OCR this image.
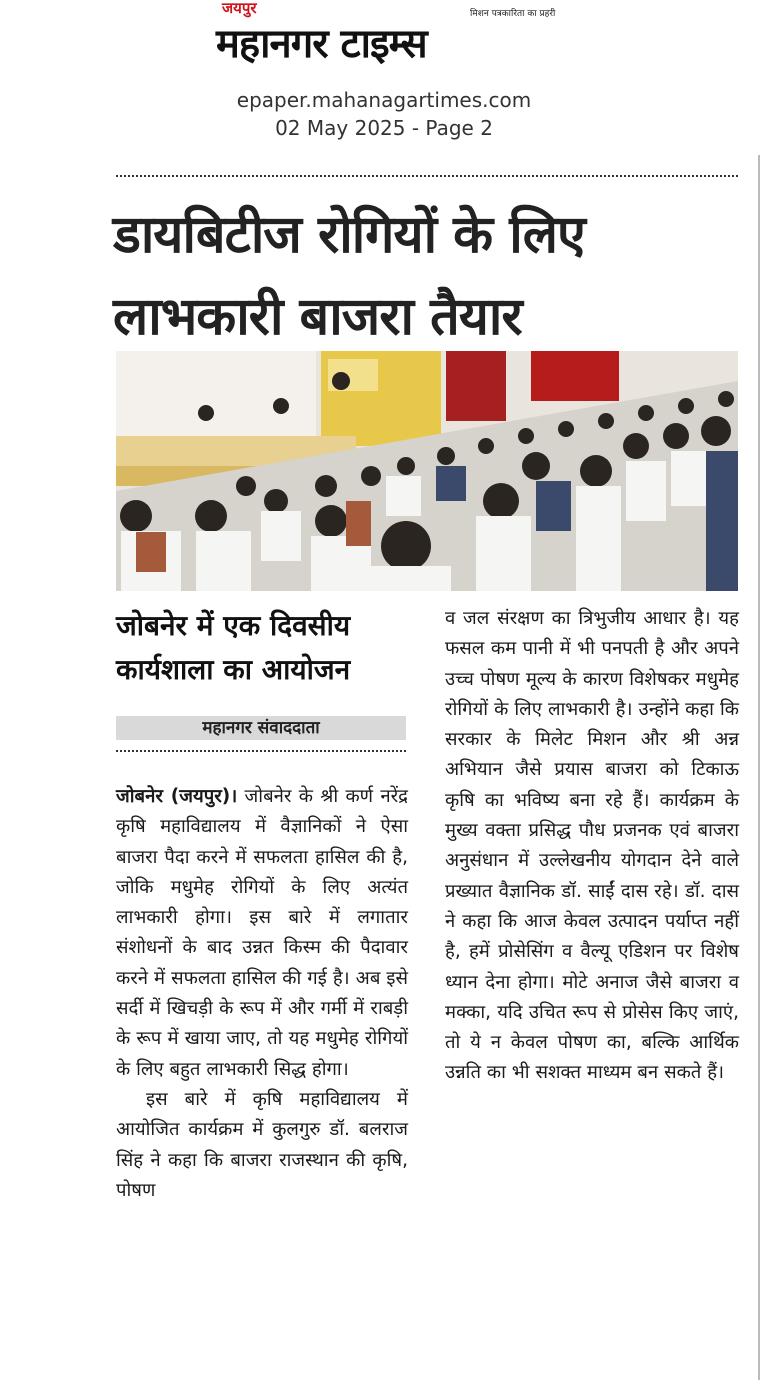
जयपुर	मिशन पत्रकारिता का प्रहरी
महानगर टाइम्स
epaper.mahanagartimes.com
02 May 2025 - Page 2
डायबिटीज रोगियों के लिए
लाभकारी बाजरा तैयार
जोबनेर में एक दिवसीय
कार्यशाला का आयोजन
महानगर संवाददाता

जोबनेर (जयपुर)। जोबनेर के श्री कर्ण नरेंद्र कृषि महाविद्यालय में वैज्ञानिकों ने ऐसा बाजरा पैदा करने में सफलता हासिल की है, जोकि मधुमेह रोगियों के लिए अत्यंत लाभकारी होगा। इस बारे में लगातार संशोधनों के बाद उन्नत किस्म की पैदावार करने में सफलता हासिल की गई है। अब इसे सर्दी में खिचड़ी के रूप में और गर्मी में राबड़ी के रूप में खाया जाए, तो यह मधुमेह रोगियों के लिए बहुत लाभकारी सिद्ध होगा।

इस बारे में कृषि महाविद्यालय में आयोजित कार्यक्रम में कुलगुरु डॉ. बलराज सिंह ने कहा कि बाजरा राजस्थान की कृषि, पोषण

व जल संरक्षण का त्रिभुजीय आधार है। यह फसल कम पानी में भी पनपती है और अपने उच्च पोषण मूल्य के कारण विशेषकर मधुमेह रोगियों के लिए लाभकारी है। उन्होंने कहा कि सरकार के मिलेट मिशन और श्री अन्न अभियान जैसे प्रयास बाजरा को टिकाऊ कृषि का भविष्य बना रहे हैं। कार्यक्रम के मुख्य वक्ता प्रसिद्ध पौध प्रजनक एवं बाजरा अनुसंधान में उल्लेखनीय योगदान देने वाले प्रख्यात वैज्ञानिक डॉ. साईं दास रहे। डॉ. दास ने कहा कि आज केवल उत्पादन पर्याप्त नहीं है, हमें प्रोसेसिंग व वैल्यू एडिशन पर विशेष ध्यान देना होगा। मोटे अनाज जैसे बाजरा व मक्का, यदि उचित रूप से प्रोसेस किए जाएं, तो ये न केवल पोषण का, बल्कि आर्थिक उन्नति का भी सशक्त माध्यम बन सकते हैं।
